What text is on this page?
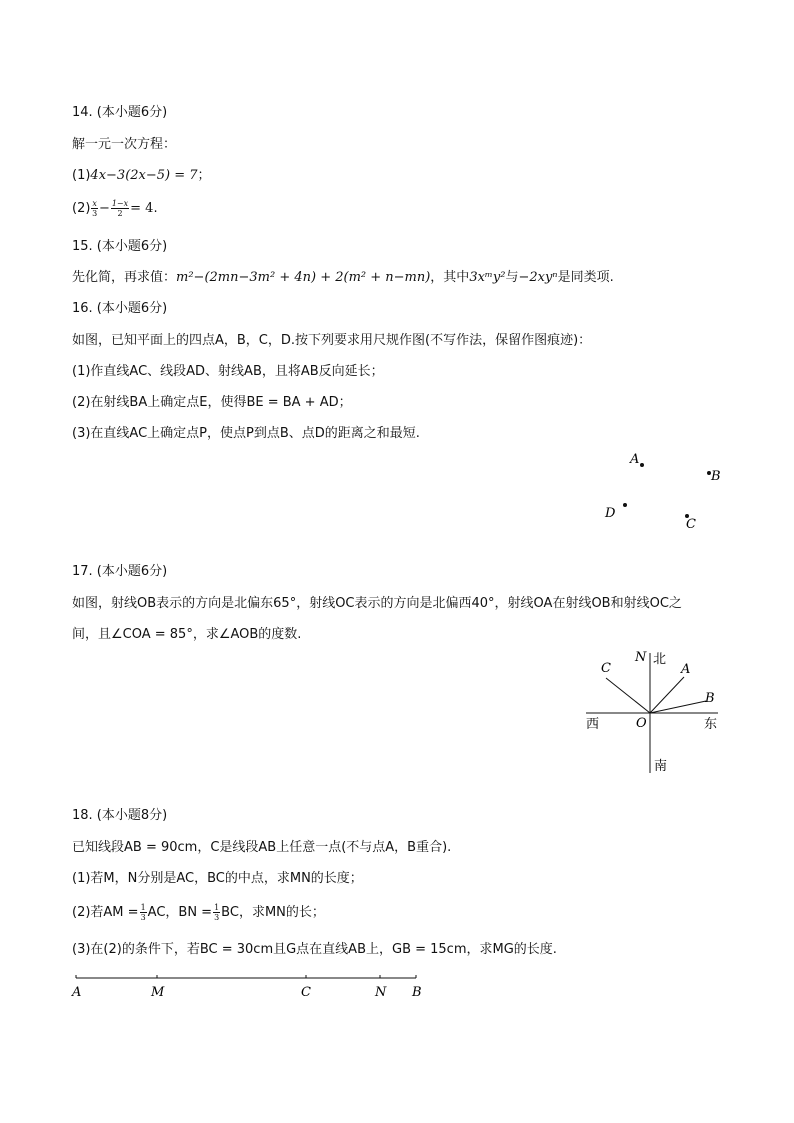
14. (本小题6分)
解一元一次方程：
(1)4x−3(2x−5) = 7；
$(2) \frac{x}{3} - \frac{1-x}{2} = 4$.
15. (本小题6分)
先化简，再求值：m²−(2mn−3m² + 4n) + 2(m² + n−mn)，其中3xᵐy²与−2xyⁿ是同类项.
16. (本小题6分)
如图，已知平面上的四点A，B，C，D.按下列要求用尺规作图(不写作法，保留作图痕迹)：
(1)作直线AC、线段AD、射线AB，且将AB反向延长；
(2)在射线BA上确定点E，使得BE = BA + AD；
(3)在直线AC上确定点P，使点P到点B、点D的距离之和最短.
A
B
D
C
17. (本小题6分)
如图，射线OB表示的方向是北偏东65°，射线OC表示的方向是北偏西40°，射线OA在射线OB和射线OC之
间，且∠COA = 85°，求∠AOB的度数.
N 北
C	A
B
西	O	东
南
18. (本小题8分)
已知线段AB = 90cm，C是线段AB上任意一点(不与点A，B重合).
(1)若M，N分别是AC，BC的中点，求MN的长度；
(2)若AM = $\frac{1}{3}$ AC，BN = $\frac{1}{3}$ BC，求MN的长；
(3)在(2)的条件下，若BC = 30cm且G点在直线AB上，GB = 15cm，求MG的长度.
A	M	C	N B
